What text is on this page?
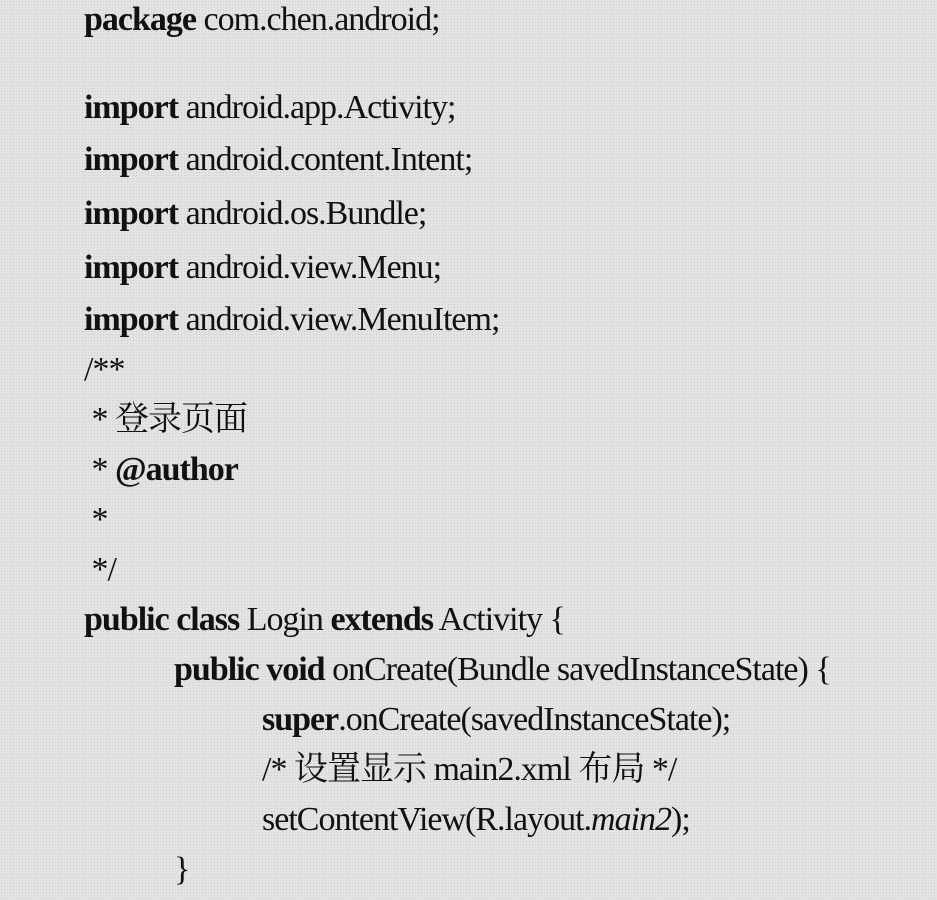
package com.chen.android;
import android.app.Activity;
import android.content.Intent;
import android.os.Bundle;
import android.view.Menu;
import android.view.MenuItem;
/**
* 登录页面
* @author
*
*/
public class Login extends Activity {
public void onCreate(Bundle savedInstanceState) {
super.onCreate(savedInstanceState);
/* 设置显示 main2.xml 布局 */
setContentView(R.layout.main2);
}
